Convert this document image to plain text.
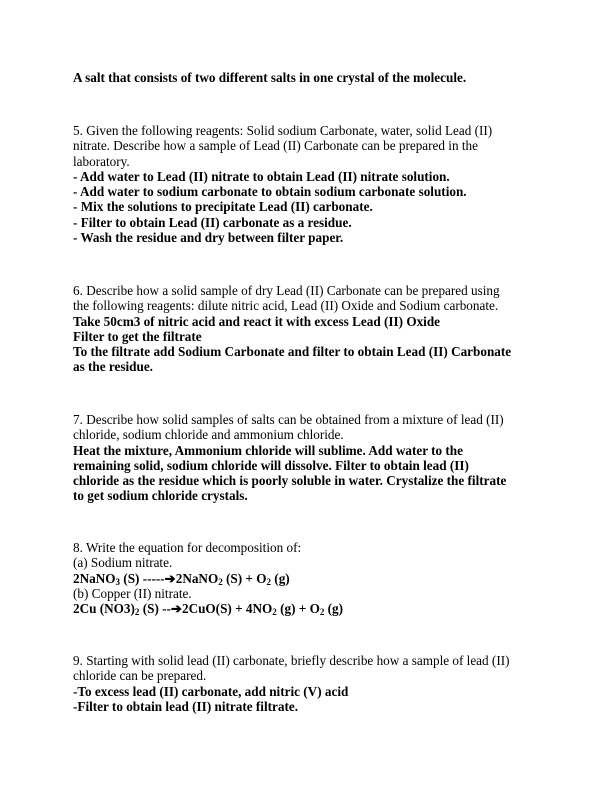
A salt that consists of two different salts in one crystal of the molecule.
5. Given the following reagents: Solid sodium Carbonate, water, solid Lead (II)
nitrate. Describe how a sample of Lead (II) Carbonate can be prepared in the
laboratory.
- Add water to Lead (II) nitrate to obtain Lead (II) nitrate solution.
- Add water to sodium carbonate to obtain sodium carbonate solution.
- Mix the solutions to precipitate Lead (II) carbonate.
- Filter to obtain Lead (II) carbonate as a residue.
- Wash the residue and dry between filter paper.
6. Describe how a solid sample of dry Lead (II) Carbonate can be prepared using
the following reagents: dilute nitric acid, Lead (II) Oxide and Sodium carbonate.
Take 50cm3 of nitric acid and react it with excess Lead (II) Oxide
Filter to get the filtrate
To the filtrate add Sodium Carbonate and filter to obtain Lead (II) Carbonate
as the residue.
7. Describe how solid samples of salts can be obtained from a mixture of lead (II)
chloride, sodium chloride and ammonium chloride.
Heat the mixture, Ammonium chloride will sublime. Add water to the
remaining solid, sodium chloride will dissolve. Filter to obtain lead (II)
chloride as the residue which is poorly soluble in water. Crystalize the filtrate
to get sodium chloride crystals.
8. Write the equation for decomposition of:
(a) Sodium nitrate.
2NaNO$_3$ (S) -----➔2NaNO$_2$ $(S) + O_2$ (g)
(b) Copper (II) nitrate.
2Cu $(NO3)_2$ (S) --➔2CuO(S) + $4NO_2$ $(g) + O_2$ (g)
9. Starting with solid lead (II) carbonate, briefly describe how a sample of lead (II)
chloride can be prepared.
-To excess lead (II) carbonate, add nitric (V) acid
-Filter to obtain lead (II) nitrate filtrate.
